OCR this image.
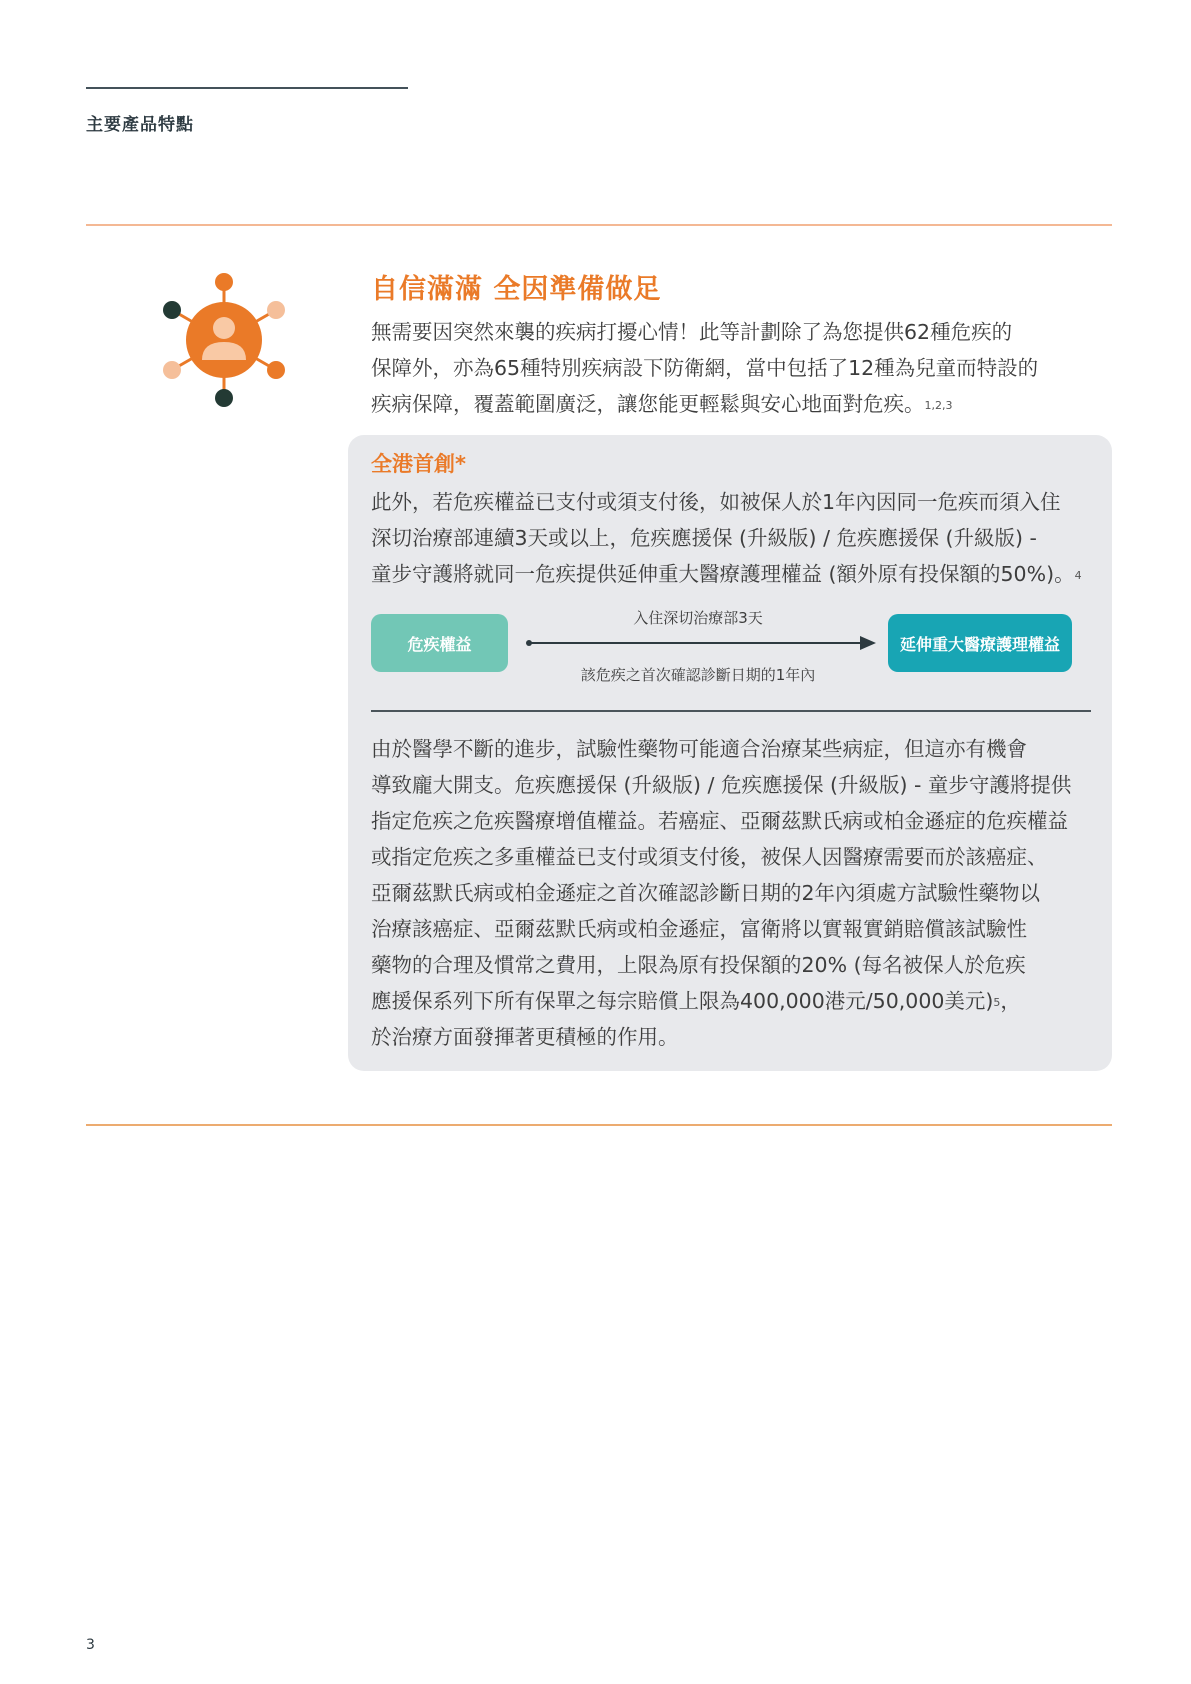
主要產品特點
自信滿滿 全因準備做足

無需要因突然來襲的疾病打擾心情！此等計劃除了為您提供62種危疾的

保障外，亦為65種特別疾病設下防衛網，當中包括了12種為兒童而特設的

疾病保障，覆蓋範圍廣泛，讓您能更輕鬆與安心地面對危疾。$^{1,2,3}$

全港首創*

此外，若危疾權益已支付或須支付後，如被保人於1年內因同一危疾而須入住

深切治療部連續3天或以上，危疾應援保 (升級版) / 危疾應援保 (升級版) -

童步守護將就同一危疾提供延伸重大醫療護理權益 (額外原有投保額的50%)。$^4$

危疾權益
入住深切治療部3天
該危疾之首次確認診斷日期的1年內
延伸重大醫療護理權益

由於醫學不斷的進步，試驗性藥物可能適合治療某些病症，但這亦有機會

導致龐大開支。危疾應援保 (升級版) / 危疾應援保 (升級版) - 童步守護將提供

指定危疾之危疾醫療增值權益。若癌症、亞爾茲默氏病或柏金遜症的危疾權益

或指定危疾之多重權益已支付或須支付後，被保人因醫療需要而於該癌症、

亞爾茲默氏病或柏金遜症之首次確認診斷日期的2年內須處方試驗性藥物以

治療該癌症、亞爾茲默氏病或柏金遜症，富衛將以實報實銷賠償該試驗性

藥物的合理及慣常之費用，上限為原有投保額的20% (每名被保人於危疾

應援保系列下所有保單之每宗賠償上限為400,000港元/50,000美元)$^5$，

於治療方面發揮著更積極的作用。

3
